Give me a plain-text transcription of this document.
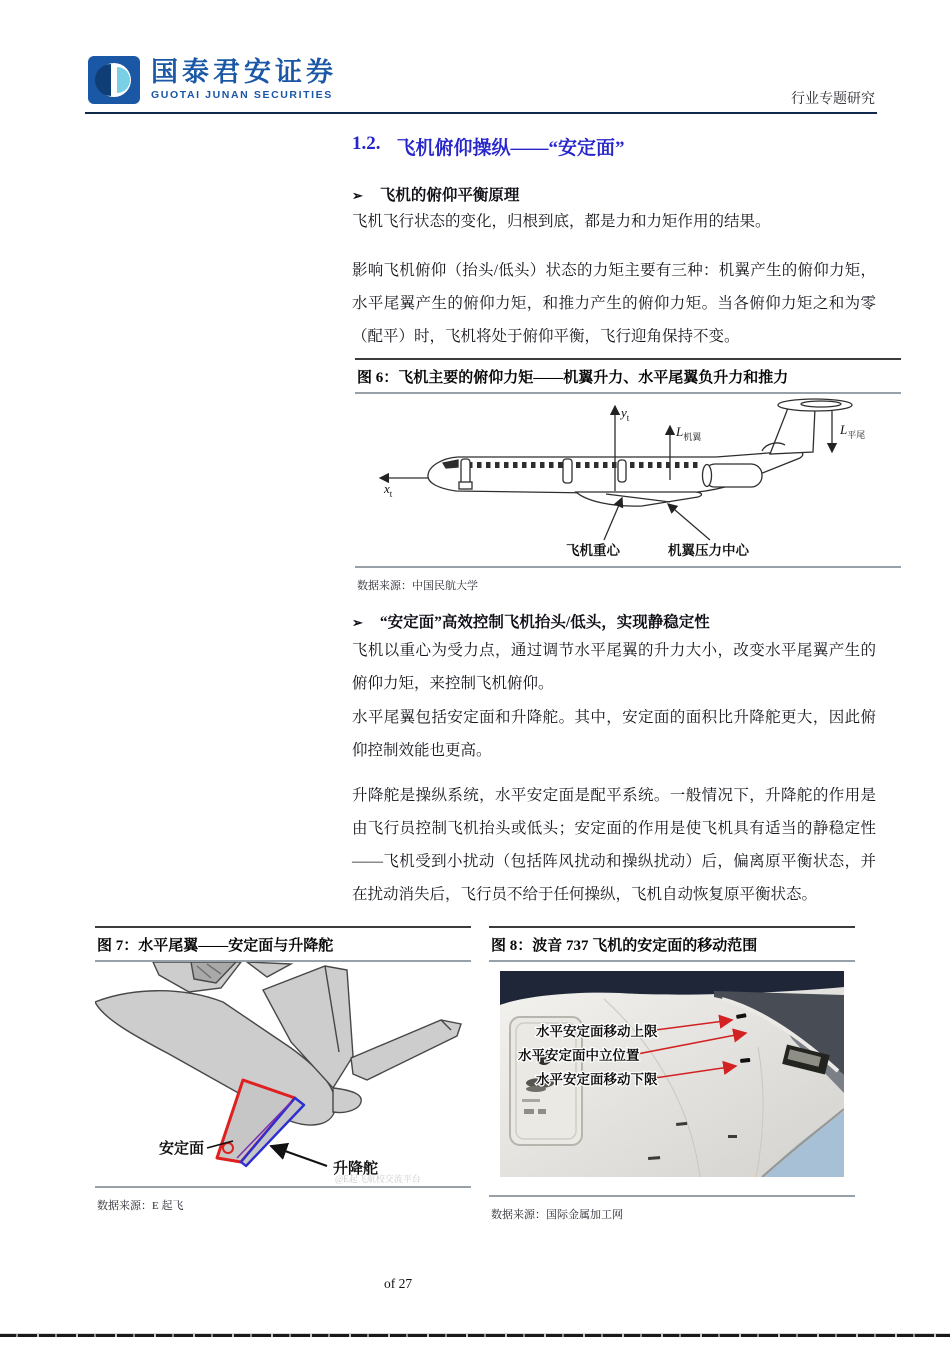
国泰君安证券
GUOTAI JUNAN SECURITIES	行业专题研究
1.2. 飞机俯仰操纵——“安定面”
➢ 飞机的俯仰平衡原理
飞机飞行状态的变化，归根到底，都是力和力矩作用的结果。
影响飞机俯仰（抬头/低头）状态的力矩主要有三种：机翼产生的俯仰力矩，水平尾翼产生的俯仰力矩，和推力产生的俯仰力矩。当各俯仰力矩之和为零（配平）时，飞机将处于俯仰平衡，飞行迎角保持不变。
图 6：飞机主要的俯仰力矩——机翼升力、水平尾翼负升力和推力
$y_t$
$x_t$
$L_{机翼}$	$L_{平尾}$
飞机重心	机翼压力中心
数据来源：中国民航大学
➢ “安定面”高效控制飞机抬头/低头，实现静稳定性
飞机以重心为受力点，通过调节水平尾翼的升力大小，改变水平尾翼产生的俯仰力矩，来控制飞机俯仰。
水平尾翼包括安定面和升降舵。其中，安定面的面积比升降舵更大，因此俯仰控制效能也更高。
升降舵是操纵系统，水平安定面是配平系统。一般情况下，升降舵的作用是由飞行员控制飞机抬头或低头；安定面的作用是使飞机具有适当的静稳定性——飞机受到小扰动（包括阵风扰动和操纵扰动）后，偏离原平衡状态，并在扰动消失后，飞行员不给于任何操纵，飞机自动恢复原平衡状态。
图 7：水平尾翼——安定面与升降舵
安定面
升降舵
@E起飞航校交流平台
数据来源：E 起飞
图 8：波音 737 飞机的安定面的移动范围
水平安定面移动上限
水平安定面中立位置
水平安定面移动下限
数据来源：国际金属加工网
of 27
